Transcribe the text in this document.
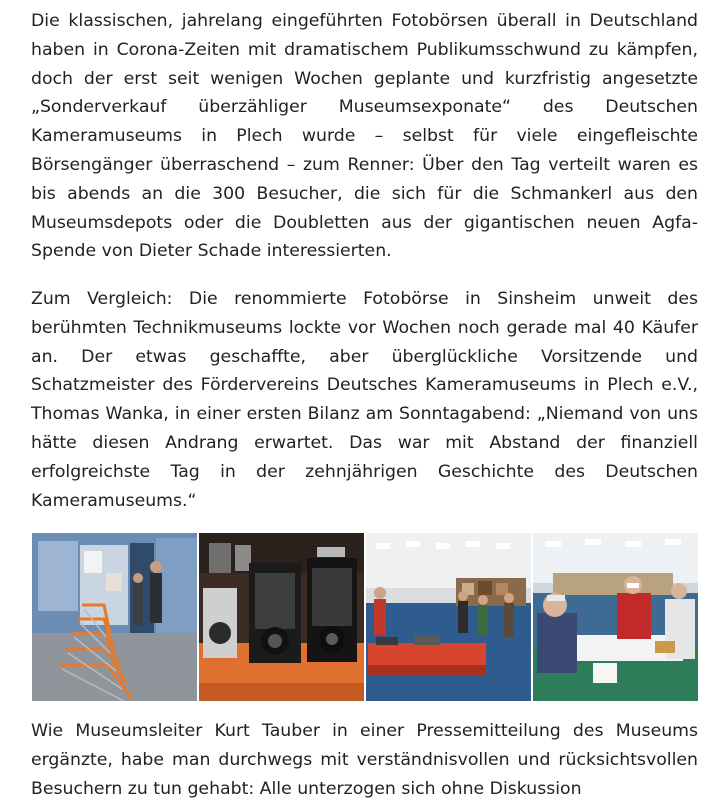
Die klassischen, jahrelang eingeführten Fotobörsen überall in Deutschland haben in Corona-Zeiten mit dramatischem Publikumsschwund zu kämpfen, doch der erst seit wenigen Wochen geplante und kurzfristig angesetzte „Sonderverkauf überzähliger Museumsexponate“ des Deutschen Kameramuseums in Plech wurde – selbst für viele eingefleischte Börsengänger überraschend – zum Renner: Über den Tag verteilt waren es bis abends an die 300 Besucher, die sich für die Schmankerl aus den Museumsdepots oder die Doubletten aus der gigantischen neuen Agfa-Spende von Dieter Schade interessierten.

Zum Vergleich: Die renommierte Fotobörse in Sinsheim unweit des berühmten Technikmuseums lockte vor Wochen noch gerade mal 40 Käufer an. Der etwas geschaffte, aber überglückliche Vorsitzende und Schatzmeister des Fördervereins Deutsches Kameramuseums in Plech e.V., Thomas Wanka, in einer ersten Bilanz am Sonntagabend: „Niemand von uns hätte diesen Andrang erwartet. Das war mit Abstand der finanziell erfolgreichste Tag in der zehnjährigen Geschichte des Deutschen Kameramuseums.“

Wie Museumsleiter Kurt Tauber in einer Pressemitteilung des Museums ergänzte, habe man durchwegs mit verständnisvollen und rücksichtsvollen Besuchern zu tun gehabt: Alle unterzogen sich ohne Diskussion
